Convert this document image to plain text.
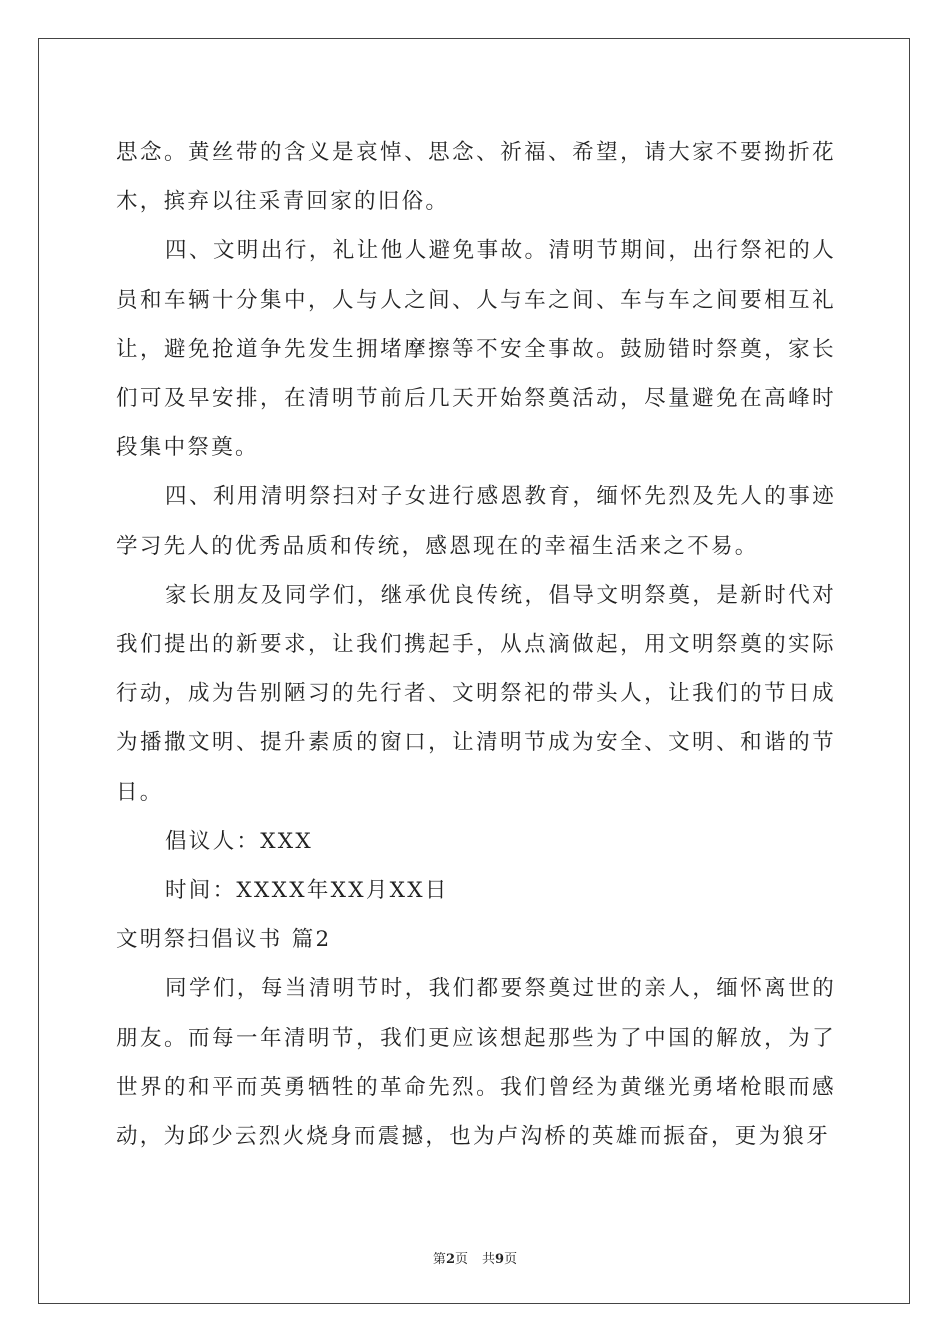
思念。黄丝带的含义是哀悼、思念、祈福、希望，请大家不要拗折花木，摈弃以往采青回家的旧俗。

四、文明出行，礼让他人避免事故。清明节期间，出行祭祀的人员和车辆十分集中，人与人之间、人与车之间、车与车之间要相互礼让，避免抢道争先发生拥堵摩擦等不安全事故。鼓励错时祭奠，家长们可及早安排，在清明节前后几天开始祭奠活动，尽量避免在高峰时段集中祭奠。

四、利用清明祭扫对子女进行感恩教育，缅怀先烈及先人的事迹学习先人的优秀品质和传统，感恩现在的幸福生活来之不易。

家长朋友及同学们，继承优良传统，倡导文明祭奠，是新时代对我们提出的新要求，让我们携起手，从点滴做起，用文明祭奠的实际行动，成为告别陋习的先行者、文明祭祀的带头人，让我们的节日成为播撒文明、提升素质的窗口，让清明节成为安全、文明、和谐的节日。

倡议人：XXX

时间：XXXX年XX月XX日

文明祭扫倡议书 篇2

同学们，每当清明节时，我们都要祭奠过世的亲人，缅怀离世的朋友。而每一年清明节，我们更应该想起那些为了中国的解放，为了世界的和平而英勇牺牲的革命先烈。我们曾经为黄继光勇堵枪眼而感动，为邱少云烈火烧身而震撼，也为卢沟桥的英雄而振奋，更为狼牙

第2页 共9页
